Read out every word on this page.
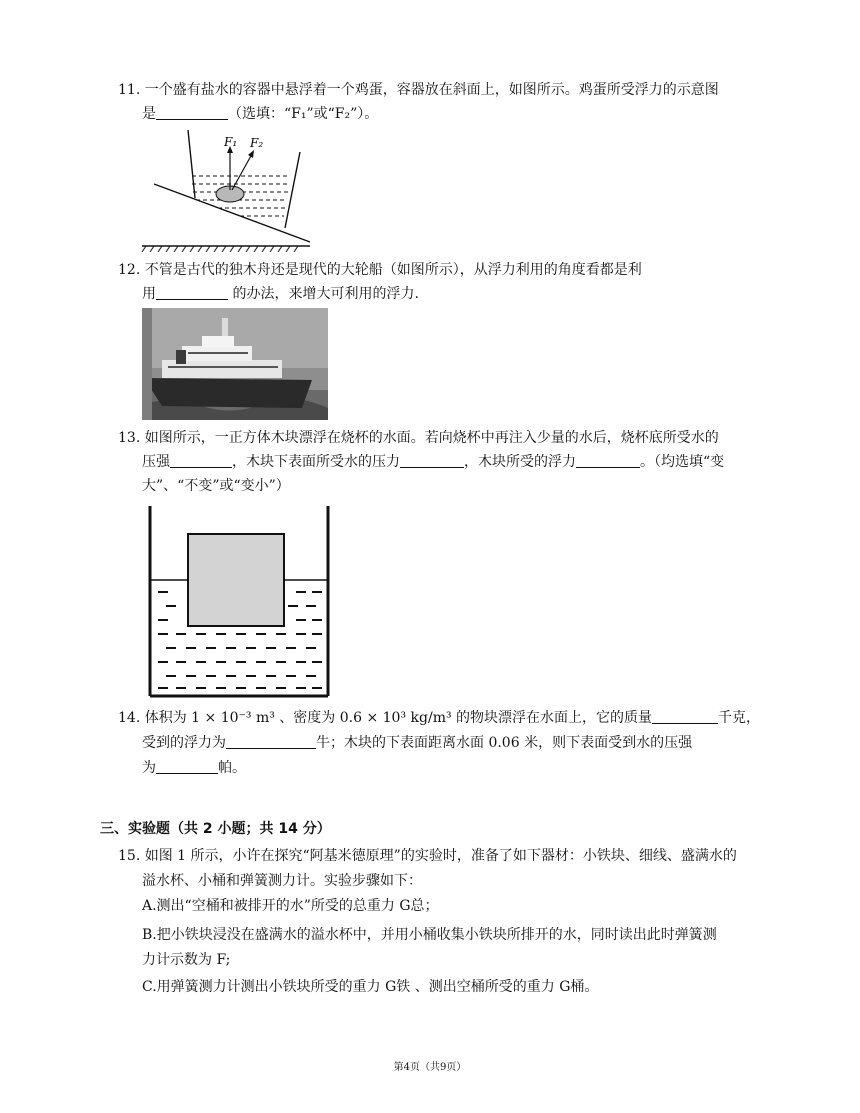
11. 一个盛有盐水的容器中悬浮着一个鸡蛋，容器放在斜面上，如图所示。鸡蛋所受浮力的示意图
是	（选填：“F₁”或“F₂”）。
F₁ F₂
12. 不管是古代的独木舟还是现代的大轮船（如图所示），从浮力利用的角度看都是利
用	的办法，来增大可利用的浮力.
13. 如图所示，一正方体木块漂浮在烧杯的水面。若向烧杯中再注入少量的水后，烧杯底所受水的
压强	，木块下表面所受水的压力	，木块所受的浮力	。（均选填“变
大”、“不变”或“变小”）
14. 体积为 1 × 10⁻³ m³ 、密度为 0.6 × 10³ kg/m³ 的物块漂浮在水面上，它的质量	千克，
受到的浮力为	牛；木块的下表面距离水面 0.06 米，则下表面受到水的压强
为	帕。
三、实验题（共 2 小题；共 14 分）
15. 如图 1 所示，小许在探究“阿基米德原理”的实验时，准备了如下器材：小铁块、细线、盛满水的
溢水杯、小桶和弹簧测力计。实验步骤如下：
A.测出“空桶和被排开的水”所受的总重力 G总；
B.把小铁块浸没在盛满水的溢水杯中，并用小桶收集小铁块所排开的水，同时读出此时弹簧测
力计示数为 F;
C.用弹簧测力计测出小铁块所受的重力 G铁 、测出空桶所受的重力 G桶。
第4页（共9页）
